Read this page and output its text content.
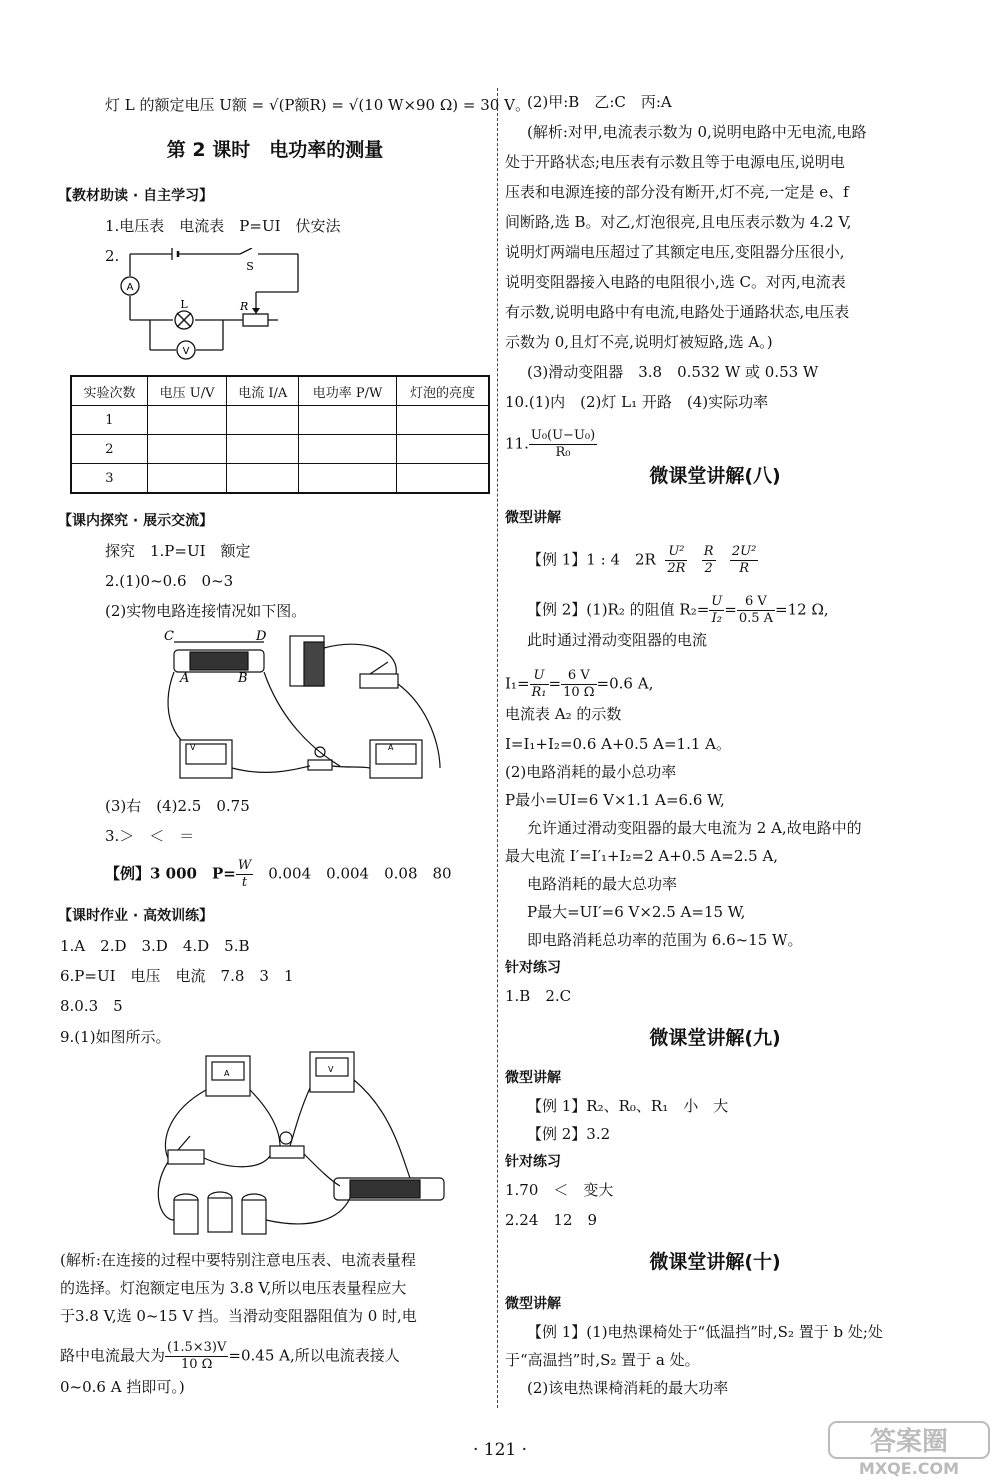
灯 L 的额定电压 U额 = √(P额R) = √(10 W×90 Ω) = 30 V。
第 2 课时　电功率的测量
【教材助读 · 自主学习】
1.电压表　电流表　P=UI　伏安法
2.
A
L
S
R
V
实验次数	电压 U/V	电流 I/A	电功率 P/W	灯泡的亮度
1				
2				
3				
【课内探究 · 展示交流】
探究　1.P=UI　额定
2.(1)0~0.6　0~3
(2)实物电路连接情况如下图。
V	A
C	D
A	B
(3)右　(4)2.5　0.75
3.＞　＜　＝
【例】3 000　$P= \frac{W}{t}$ 　0.004　0.004　0.08　80
【课时作业 · 高效训练】
1.A　2.D　3.D　4.D　5.B
6.P=UI　电压　电流　7.8　3　1
8.0.3　5
9.(1)如图所示。
A	V
(解析:在连接的过程中要特别注意电压表、电流表量程
的选择。灯泡额定电压为 3.8 V,所以电压表量程应大
于3.8 V,选 0~15 V 挡。当滑动变阻器阻值为 0 时,电
路中电流最大为 $\frac{(1.5\times 3)V}{10 \Omega} =0.45$ A,所以电流表接人
0~0.6 A 挡即可。)
(2)甲:B　乙:C　丙:A
(解析:对甲,电流表示数为 0,说明电路中无电流,电路
处于开路状态;电压表有示数且等于电源电压,说明电
压表和电源连接的部分没有断开,灯不亮,一定是 e、f
间断路,选 B。对乙,灯泡很亮,且电压表示数为 4.2 V,
说明灯两端电压超过了其额定电压,变阻器分压很小,
说明变阻器接入电路的电阻很小,选 C。对丙,电流表
有示数,说明电路中有电流,电路处于通路状态,电压表
示数为 0,且灯不亮,说明灯被短路,选 A。)
(3)滑动变阻器　3.8　0.532 W 或 0.53 W
10.(1)内　(2)灯 L₁ 开路　(4)实际功率
11. $\frac{\text{U₀(U−U₀)}}{\text{R₀}}$
微课堂讲解(八)
微型讲解
【例 1】1 : 4　$2R \frac{\text{U²}}{2R}$
$\frac{R}{2}$
$\frac{\text{2U²}}{R}$
【例 2】(1)R₂ 的阻值 $R_2= \frac{U}{\text{I₂}} = \frac{6 V}{0.5 A} =12$ Ω,
此时通过滑动变阻器的电流
$I_1= \frac{U}{\text{R₁}} = \frac{6 V}{10 \Omega} =0.6$ A,
电流表 A₂ 的示数
I=I₁+I₂=0.6 A+0.5 A=1.1 A。
(2)电路消耗的最小总功率
P最小=UI=6 V×1.1 A=6.6 W,
允许通过滑动变阻器的最大电流为 2 A,故电路中的
最大电流 I′=I′₁+I₂=2 A+0.5 A=2.5 A,
电路消耗的最大总功率
P最大=UI′=6 V×2.5 A=15 W,
即电路消耗总功率的范围为 6.6~15 W。
针对练习
1.B　2.C
微课堂讲解(九)
微型讲解
【例 1】R₂、R₀、R₁　小　大
【例 2】3.2
针对练习
1.70　＜　变大
2.24　12　9
微课堂讲解(十)
微型讲解
【例 1】(1)电热课椅处于“低温挡”时,S₂ 置于 b 处;处
于“高温挡”时,S₂ 置于 a 处。
(2)该电热课椅消耗的最大功率
· 121 ·	答案圈
MXQE.COM
